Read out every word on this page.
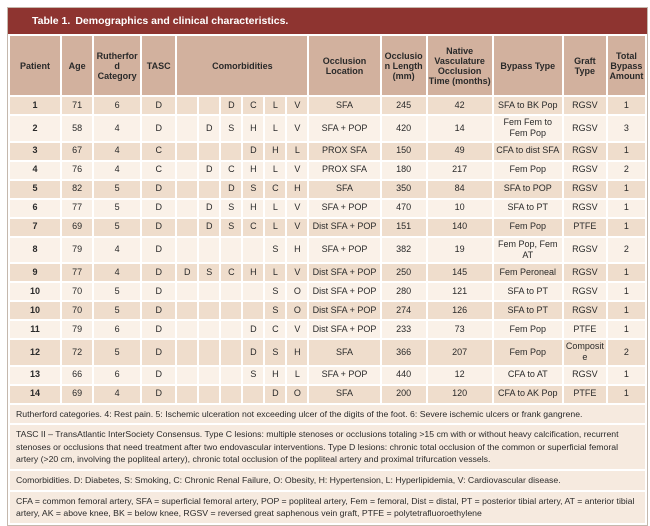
Table 1. Demographics and clinical characteristics.
Patient	Age	Rutherford Category	TASC	Comorbidities						Occlusion Location	Occlusion Length (mm)	Native Vasculature Occlusion Time (months)	Bypass Type	Graft Type	Total Bypass Amount
1	71	6	D			D	C	L	V	SFA	245	42	SFA to BK Pop	RGSV	1
2	58	4	D		D	S	H	L	V	SFA + POP	420	14	Fem Fem to Fem Pop	RGSV	3
3	67	4	C				D	H	L	PROX SFA	150	49	CFA to dist SFA	RGSV	1
4	76	4	C		D	C	H	L	V	PROX SFA	180	217	Fem Pop	RGSV	2
5	82	5	D			D	S	C	H	SFA	350	84	SFA to POP	RGSV	1
6	77	5	D		D	S	H	L	V	SFA + POP	470	10	SFA to PT	RGSV	1
7	69	5	D		D	S	C	L	V	Dist SFA + POP	151	140	Fem Pop	PTFE	1
8	79	4	D					S	H	SFA + POP	382	19	Fem Pop, Fem AT	RGSV	2
9	77	4	D	D	S	C	H	L	V	Dist SFA + POP	250	145	Fem Peroneal	RGSV	1
10	70	5	D					S	O	Dist SFA + POP	280	121	SFA to PT	RGSV	1
10	70	5	D					S	O	Dist SFA + POP	274	126	SFA to PT	RGSV	1
11	79	6	D				D	C	V	Dist SFA + POP	233	73	Fem Pop	PTFE	1
12	72	5	D				D	S	H	SFA	366	207	Fem Pop	Composite	2
13	66	6	D				S	H	L	SFA + POP	440	12	CFA to AT	RGSV	1
14	69	4	D					D	O	SFA	200	120	CFA to AK Pop	PTFE	1
Rutherford categories. 4: Rest pain. 5: Ischemic ulceration not exceeding ulcer of the digits of the foot. 6: Severe ischemic ulcers or frank gangrene.
TASC II – TransAtlantic InterSociety Consensus. Type C lesions: multiple stenoses or occlusions totaling >15 cm with or without heavy calcification, recurrent stenoses or occlusions that need treatment after two endovascular interventions. Type D lesions: chronic total occlusion of the common or superficial femoral artery (>20 cm, involving the popliteal artery), chronic total occlusion of the popliteal artery and proximal trifurcation vessels.
Comorbidities. D: Diabetes, S: Smoking, C: Chronic Renal Failure, O: Obesity, H: Hypertension, L: Hyperlipidemia, V: Cardiovascular disease.
CFA = common femoral artery, SFA = superficial femoral artery, POP = popliteal artery, Fem = femoral, Dist = distal, PT = posterior tibial artery, AT = anterior tibial artery, AK = above knee, BK = below knee, RGSV = reversed great saphenous vein graft, PTFE = polytetrafluoroethylene
